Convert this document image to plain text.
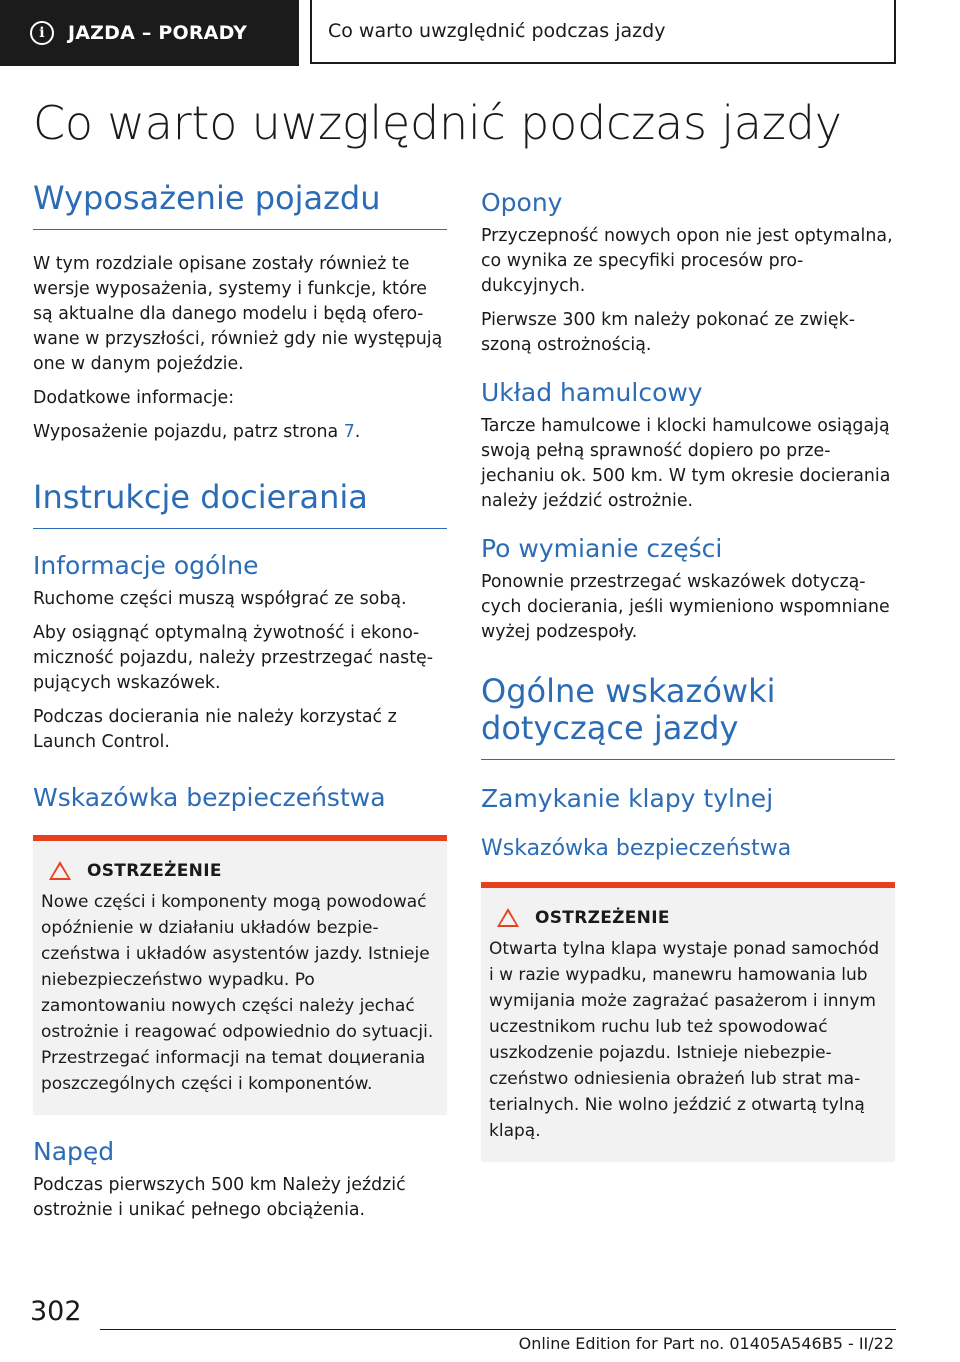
i	JAZDA – PORADY	Co warto uwzględnić podczas jazdy
Co warto uwzględnić podczas jazdy
Wyposażenie pojazdu

W tym rozdziale opisane zostały również te wersje wyposażenia, systemy i funkcje, które są aktualne dla danego modelu i będą oferowane w przyszłości, również gdy nie występują one w danym pojeździe.

Dodatkowe informacje:

Wyposażenie pojazdu, patrz strona 7.

Instrukcje docierania
Informacje ogólne

Ruchome części muszą współgrać ze sobą.

Aby osiągnąć optymalną żywotność i ekonomiczność pojazdu, należy przestrzegać następujących wskazówek.

Podczas docierania nie należy korzystać z Launch Control.

Wskazówka bezpieczeństwa
OSTRZEŻENIE

Nowe części i komponenty mogą powodować opóźnienie w działaniu układów bezpieczeństwa i układów asystentów jazdy. Istnieje niebezpieczeństwo wypadku. Po zamontowaniu nowych części należy jechać ostrożnie i reagować odpowiednio do sytuacji. Przestrzegać informacji na temat doциerania poszczególnych części i komponentów.

Napęd

Podczas pierwszych 500 km Należy jeździć ostrożnie i unikać pełnego obciążenia.

Opony

Przyczepność nowych opon nie jest optymalna, co wynika ze specyfiki procesów produkcyjnych.

Pierwsze 300 km należy pokonać ze zwiększoną ostrożnością.

Układ hamulcowy

Tarcze hamulcowe i klocki hamulcowe osiągają swoją pełną sprawność dopiero po przejechaniu ok. 500 km. W tym okresie docierania należy jeździć ostrożnie.

Po wymianie części

Ponownie przestrzegać wskazówek dotyczących docierania, jeśli wymieniono wspomniane wyżej podzespoły.

Ogólne wskazówki
dotyczące jazdy
Zamykanie klapy tylnej
Wskazówka bezpieczeństwa
OSTRZEŻENIE

Otwarta tylna klapa wystaje ponad samochód i w razie wypadku, manewru hamowania lub wymijania może zagrażać pasażerom i innym uczestnikom ruchu lub też spowodować uszkodzenie pojazdu. Istnieje niebezpieczeństwo odniesienia obrażeń lub strat materialnych. Nie wolno jeździć z otwartą tylną klapą.

302
Online Edition for Part no. 01405A546B5 - II/22
